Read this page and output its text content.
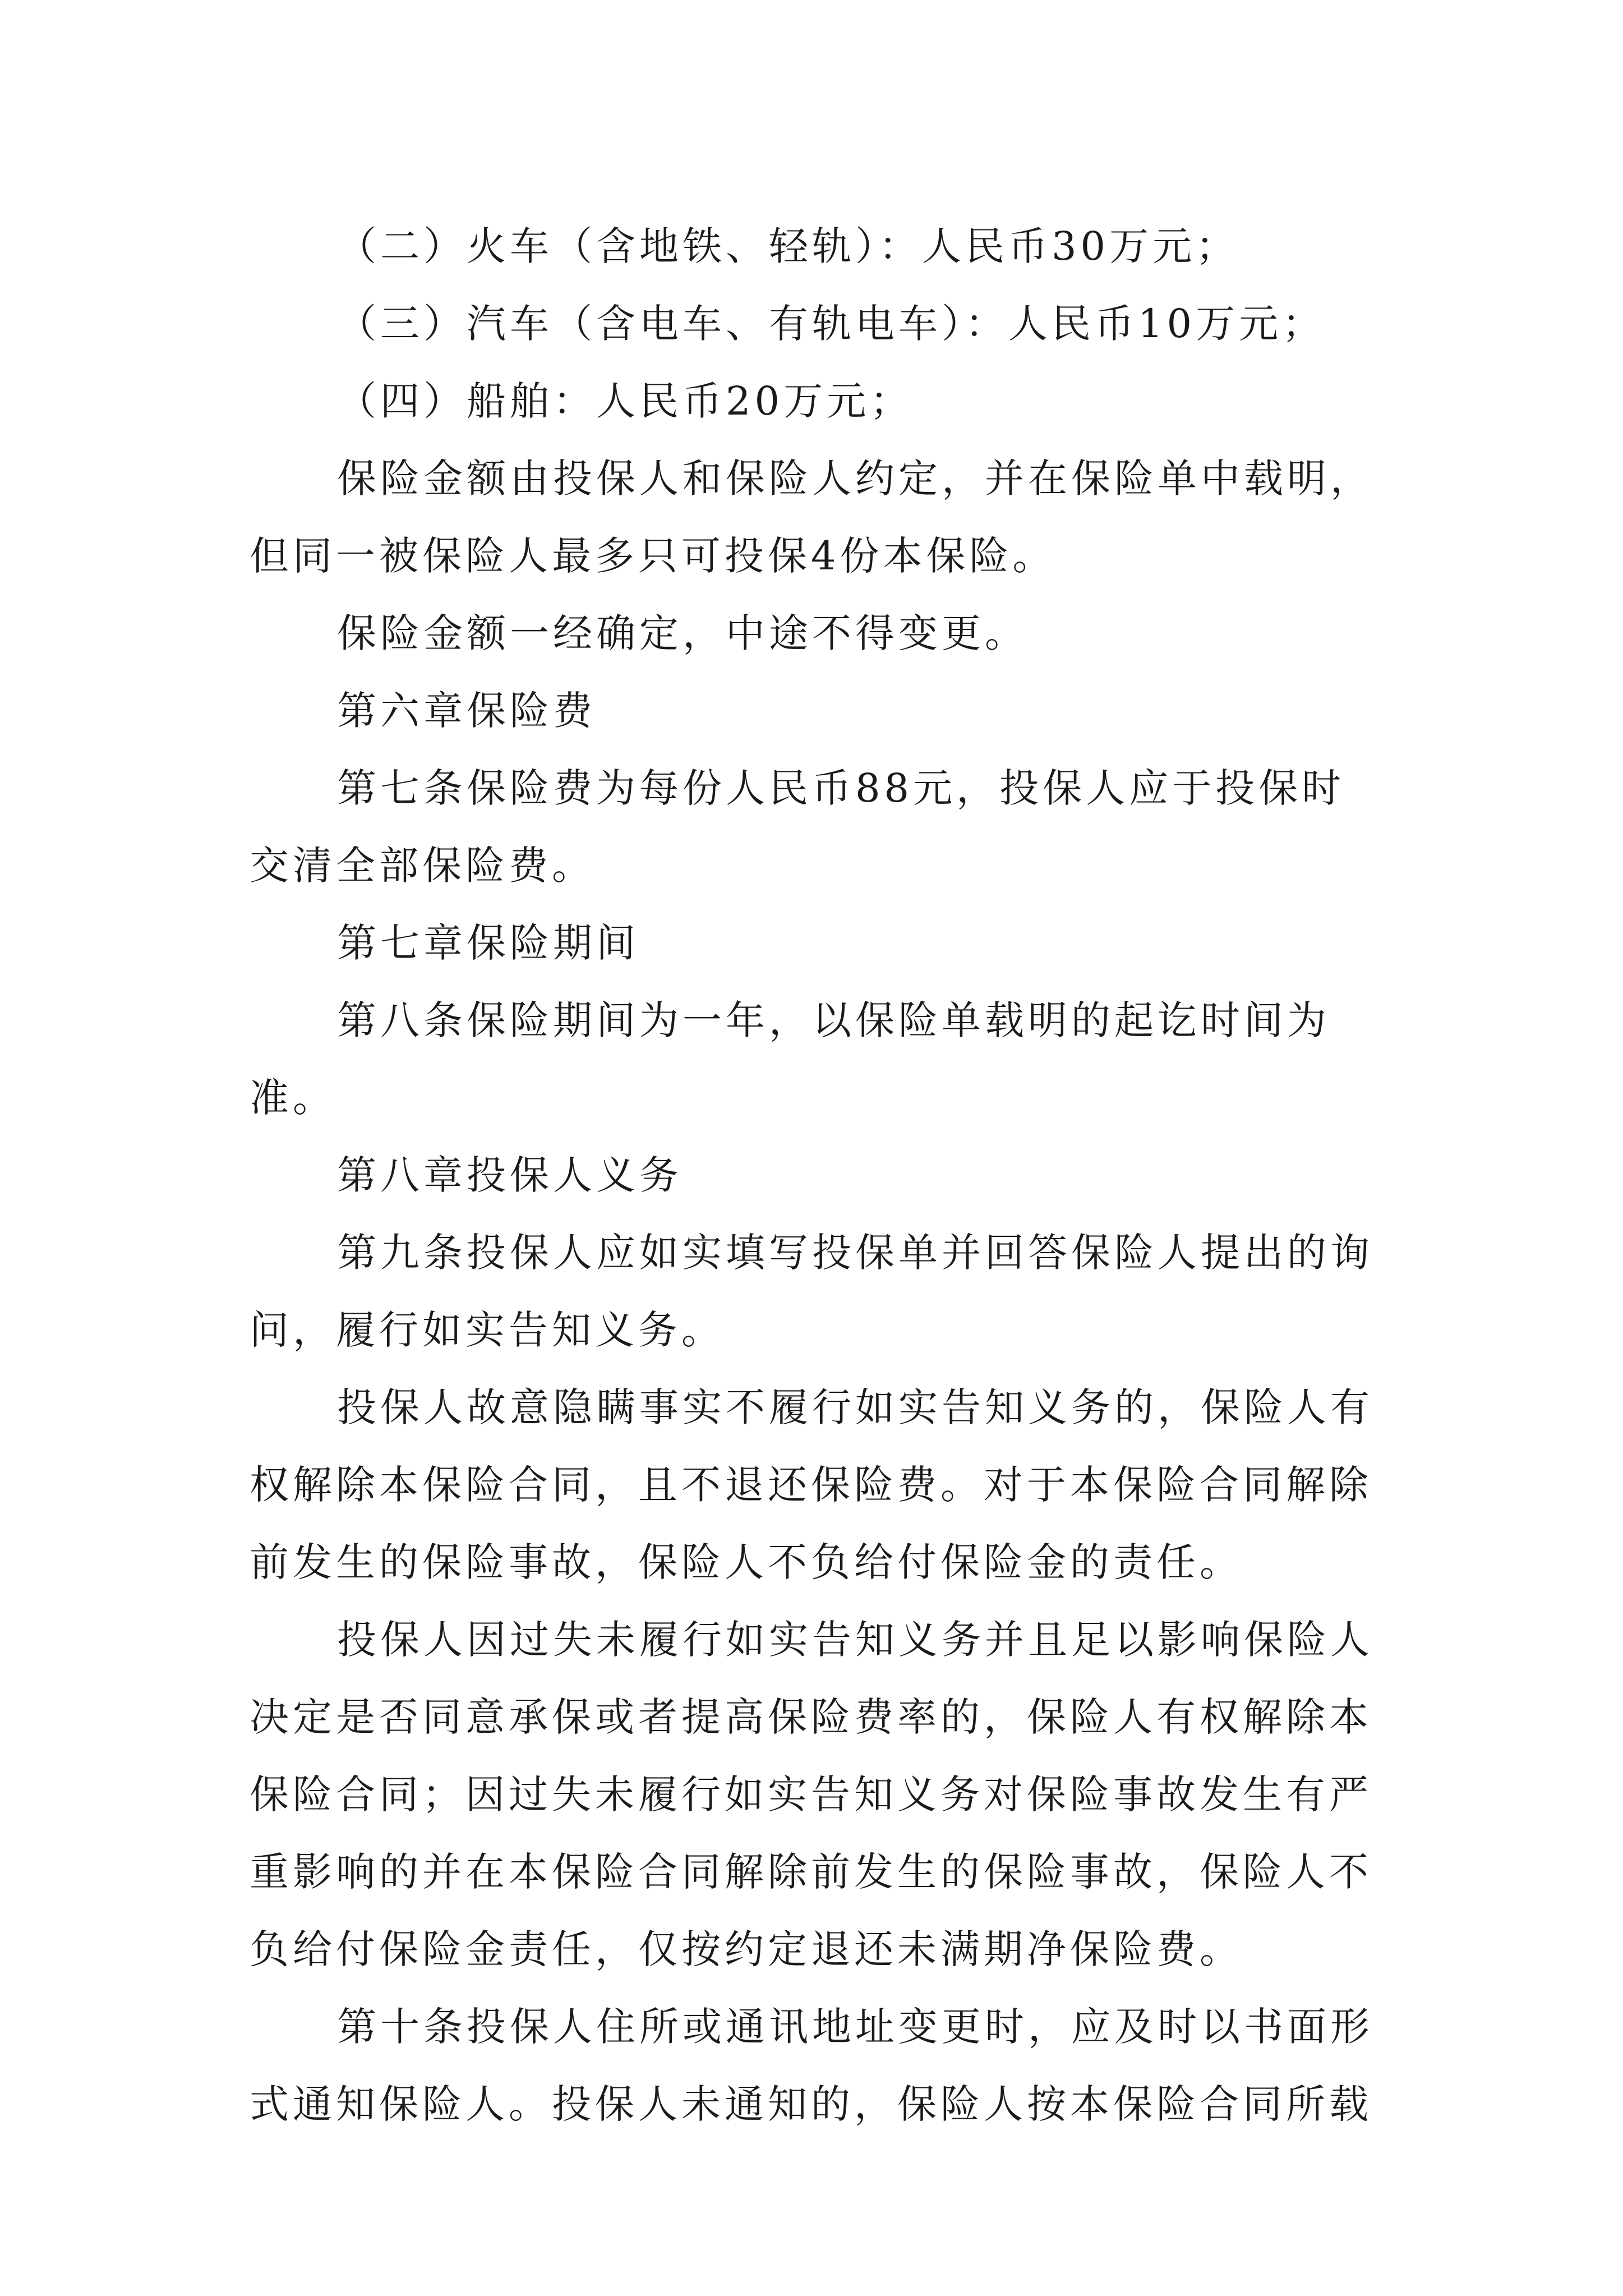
（二）火车（含地铁、轻轨）：人民币30万元；

（三）汽车（含电车、有轨电车）：人民币10万元；

（四）船舶：人民币20万元；

保险金额由投保人和保险人约定，并在保险单中载明，但同一被保险人最多只可投保4份本保险。

保险金额一经确定，中途不得变更。

第六章保险费

第七条保险费为每份人民币88元，投保人应于投保时交清全部保险费。

第七章保险期间

第八条保险期间为一年，以保险单载明的起讫时间为准。

第八章投保人义务

第九条投保人应如实填写投保单并回答保险人提出的询问，履行如实告知义务。

投保人故意隐瞒事实不履行如实告知义务的，保险人有权解除本保险合同，且不退还保险费。对于本保险合同解除前发生的保险事故，保险人不负给付保险金的责任。

投保人因过失未履行如实告知义务并且足以影响保险人决定是否同意承保或者提高保险费率的，保险人有权解除本保险合同；因过失未履行如实告知义务对保险事故发生有严重影响的并在本保险合同解除前发生的保险事故，保险人不负给付保险金责任，仅按约定退还未满期净保险费。

第十条投保人住所或通讯地址变更时，应及时以书面形式通知保险人。投保人未通知的，保险人按本保险合同所载
